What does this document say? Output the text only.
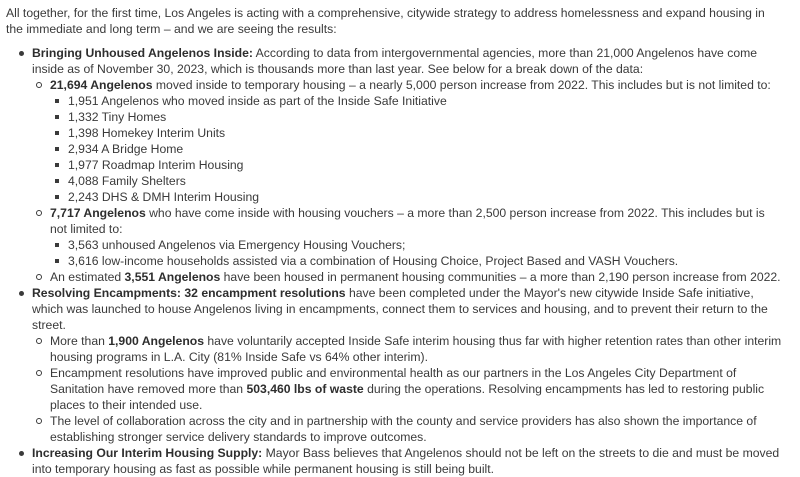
All together, for the first time, Los Angeles is acting with a comprehensive, citywide strategy to address homelessness and expand housing in the immediate and long term – and we are seeing the results:

Bringing Unhoused Angelenos Inside: According to data from intergovernmental agencies, more than 21,000 Angelenos have come inside as of November 30, 2023, which is thousands more than last year. See below for a break down of the data:
21,694 Angelenos moved inside to temporary housing – a nearly 5,000 person increase from 2022. This includes but is not limited to:
1,951 Angelenos who moved inside as part of the Inside Safe Initiative
1,332 Tiny Homes
1,398 Homekey Interim Units
2,934 A Bridge Home
1,977 Roadmap Interim Housing
4,088 Family Shelters
2,243 DHS & DMH Interim Housing
7,717 Angelenos who have come inside with housing vouchers – a more than 2,500 person increase from 2022. This includes but is not limited to:
3,563 unhoused Angelenos via Emergency Housing Vouchers;
3,616 low-income households assisted via a combination of Housing Choice, Project Based and VASH Vouchers.
An estimated 3,551 Angelenos have been housed in permanent housing communities – a more than 2,190 person increase from 2022.
Resolving Encampments: 32 encampment resolutions have been completed under the Mayor's new citywide Inside Safe initiative, which was launched to house Angelenos living in encampments, connect them to services and housing, and to prevent their return to the street.
More than 1,900 Angelenos have voluntarily accepted Inside Safe interim housing thus far with higher retention rates than other interim housing programs in L.A. City (81% Inside Safe vs 64% other interim).
Encampment resolutions have improved public and environmental health as our partners in the Los Angeles City Department of Sanitation have removed more than 503,460 lbs of waste during the operations. Resolving encampments has led to restoring public places to their intended use.
The level of collaboration across the city and in partnership with the county and service providers has also shown the importance of establishing stronger service delivery standards to improve outcomes.
Increasing Our Interim Housing Supply: Mayor Bass believes that Angelenos should not be left on the streets to die and must be moved into temporary housing as fast as possible while permanent housing is still being built.
